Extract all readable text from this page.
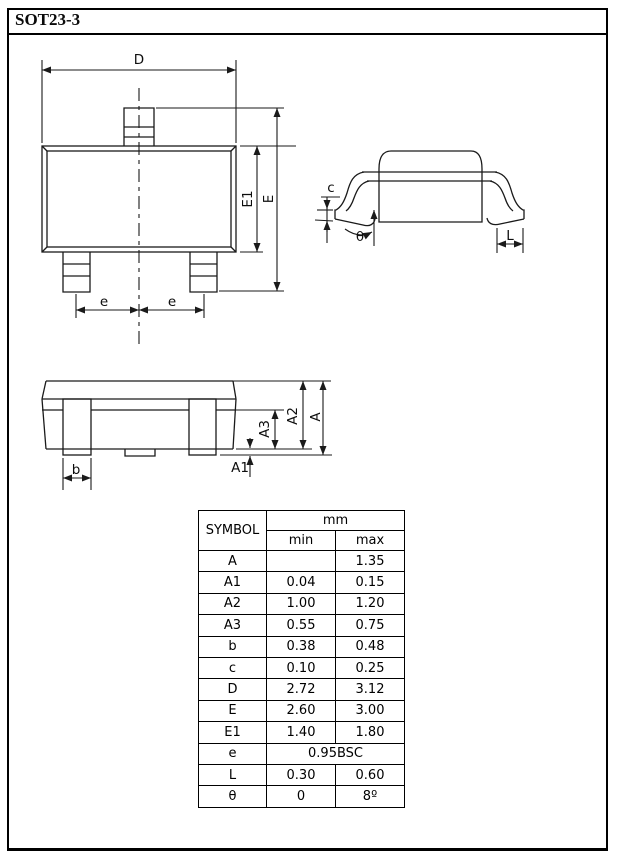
SOT23-3
D
E
E1
e	e
c
θ	L
A3
A2 A
A1
b
SYMBOL	mm	
	min	max
A		1.35
A1	0.04	0.15
A2	1.00	1.20
A3	0.55	0.75
b	0.38	0.48
c	0.10	0.25
D	2.72	3.12
E	2.60	3.00
E1	1.40	1.80
e	0.95BSC	
L	0.30	0.60
θ	0	8º
